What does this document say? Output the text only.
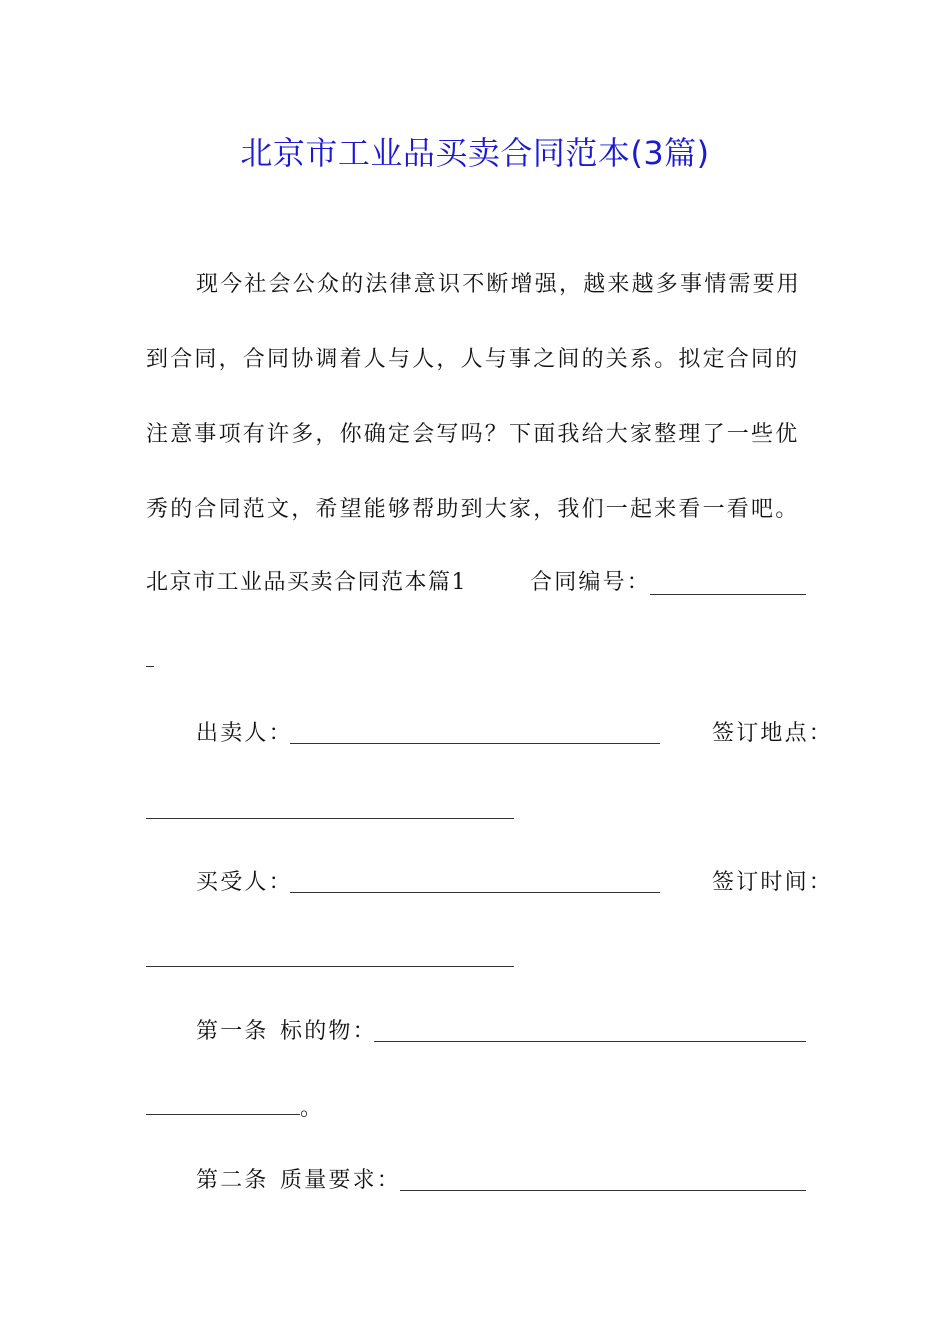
北京市工业品买卖合同范本(3篇)
现今社会公众的法律意识不断增强，越来越多事情需要用
到合同，合同协调着人与人，人与事之间的关系。拟定合同的
注意事项有许多，你确定会写吗？下面我给大家整理了一些优
秀的合同范文，希望能够帮助到大家，我们一起来看一看吧。
北京市工业品买卖合同范本篇1	合同编号：
出卖人：	签订地点：
买受人：	签订时间：
第一条 标的物：
。
第二条 质量要求：
